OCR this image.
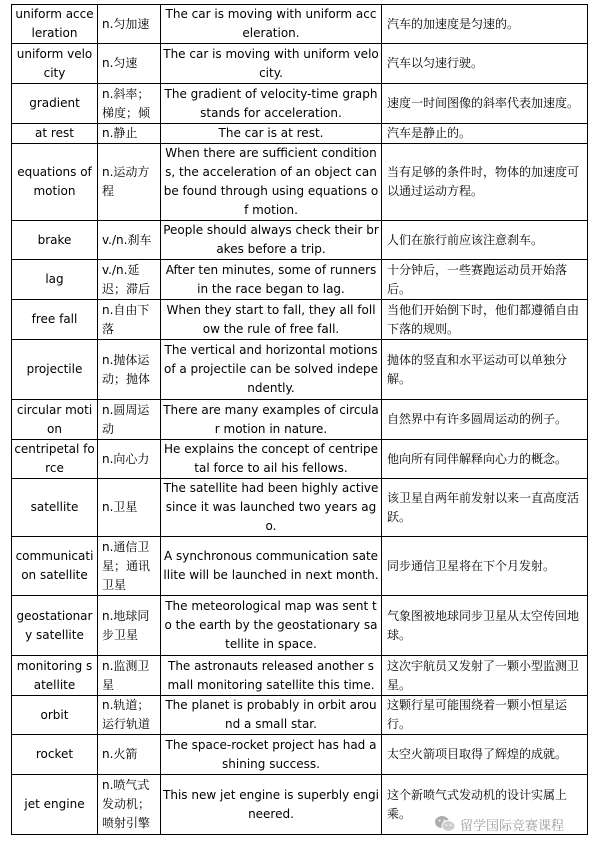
uniform acceleration	n.匀加速	The car is moving with uniform acceleration.	汽车的加速度是匀速的。
uniform velocity	n.匀速	The car is moving with uniform velocity.	汽车以匀速行驶。
gradient	n.斜率；梯度；倾	The gradient of velocity-time graph stands for acceleration.	速度一时间图像的斜率代表加速度。
at rest	n.静止	The car is at rest.	汽车是静止的。
equations of motion	n.运动方程	When there are sufficient conditions, the acceleration of an object can be found through using equations of motion.	当有足够的条件时，物体的加速度可以通过运动方程。
brake	v./n.刹车	People should always check their brakes before a trip.	人们在旅行前应该注意刹车。
lag	v./n.延迟；滞后	After ten minutes, some of runners in the race began to lag.	十分钟后，一些赛跑运动员开始落后。
free fall	n.自由下落	When they start to fall, they all follow the rule of free fall.	当他们开始倒下时，他们都遵循自由下落的规则。
projectile	n.抛体运动；抛体	The vertical and horizontal motions of a projectile can be solved independently.	抛体的竖直和水平运动可以单独分解。
circular motion	n.圆周运动	There are many examples of circular motion in nature.	自然界中有许多圆周运动的例子。
centripetal force	n.向心力	He explains the concept of centripetal force to ail his fellows.	他向所有同伴解释向心力的概念。
satellite	n.卫星	The satellite had been highly active since it was launched two years ago.	该卫星自两年前发射以来一直高度活跃。
communication satellite	n.通信卫星；通讯卫星	A synchronous communication satellite will be launched in next month.	同步通信卫星将在下个月发射。
geostationary satellite	n.地球同步卫星	The meteorological map was sent to the earth by the geostationary satellite in space.	气象图被地球同步卫星从太空传回地球。
monitoring satellite	n.监测卫星	The astronauts released another small monitoring satellite this time.	这次宇航员又发射了一颗小型监测卫星。
orbit	n.轨道；运行轨道	The planet is probably in orbit around a small star.	这颗行星可能围绕着一颗小恒星运行。
rocket	n.火箭	The space-rocket project has had a shining success.	太空火箭项目取得了辉煌的成就。
jet engine	n.喷气式发动机；喷射引擎	This new jet engine is superbly engineered.	这个新喷气式发动机的设计实属上乘。
留学国际竞赛课程
